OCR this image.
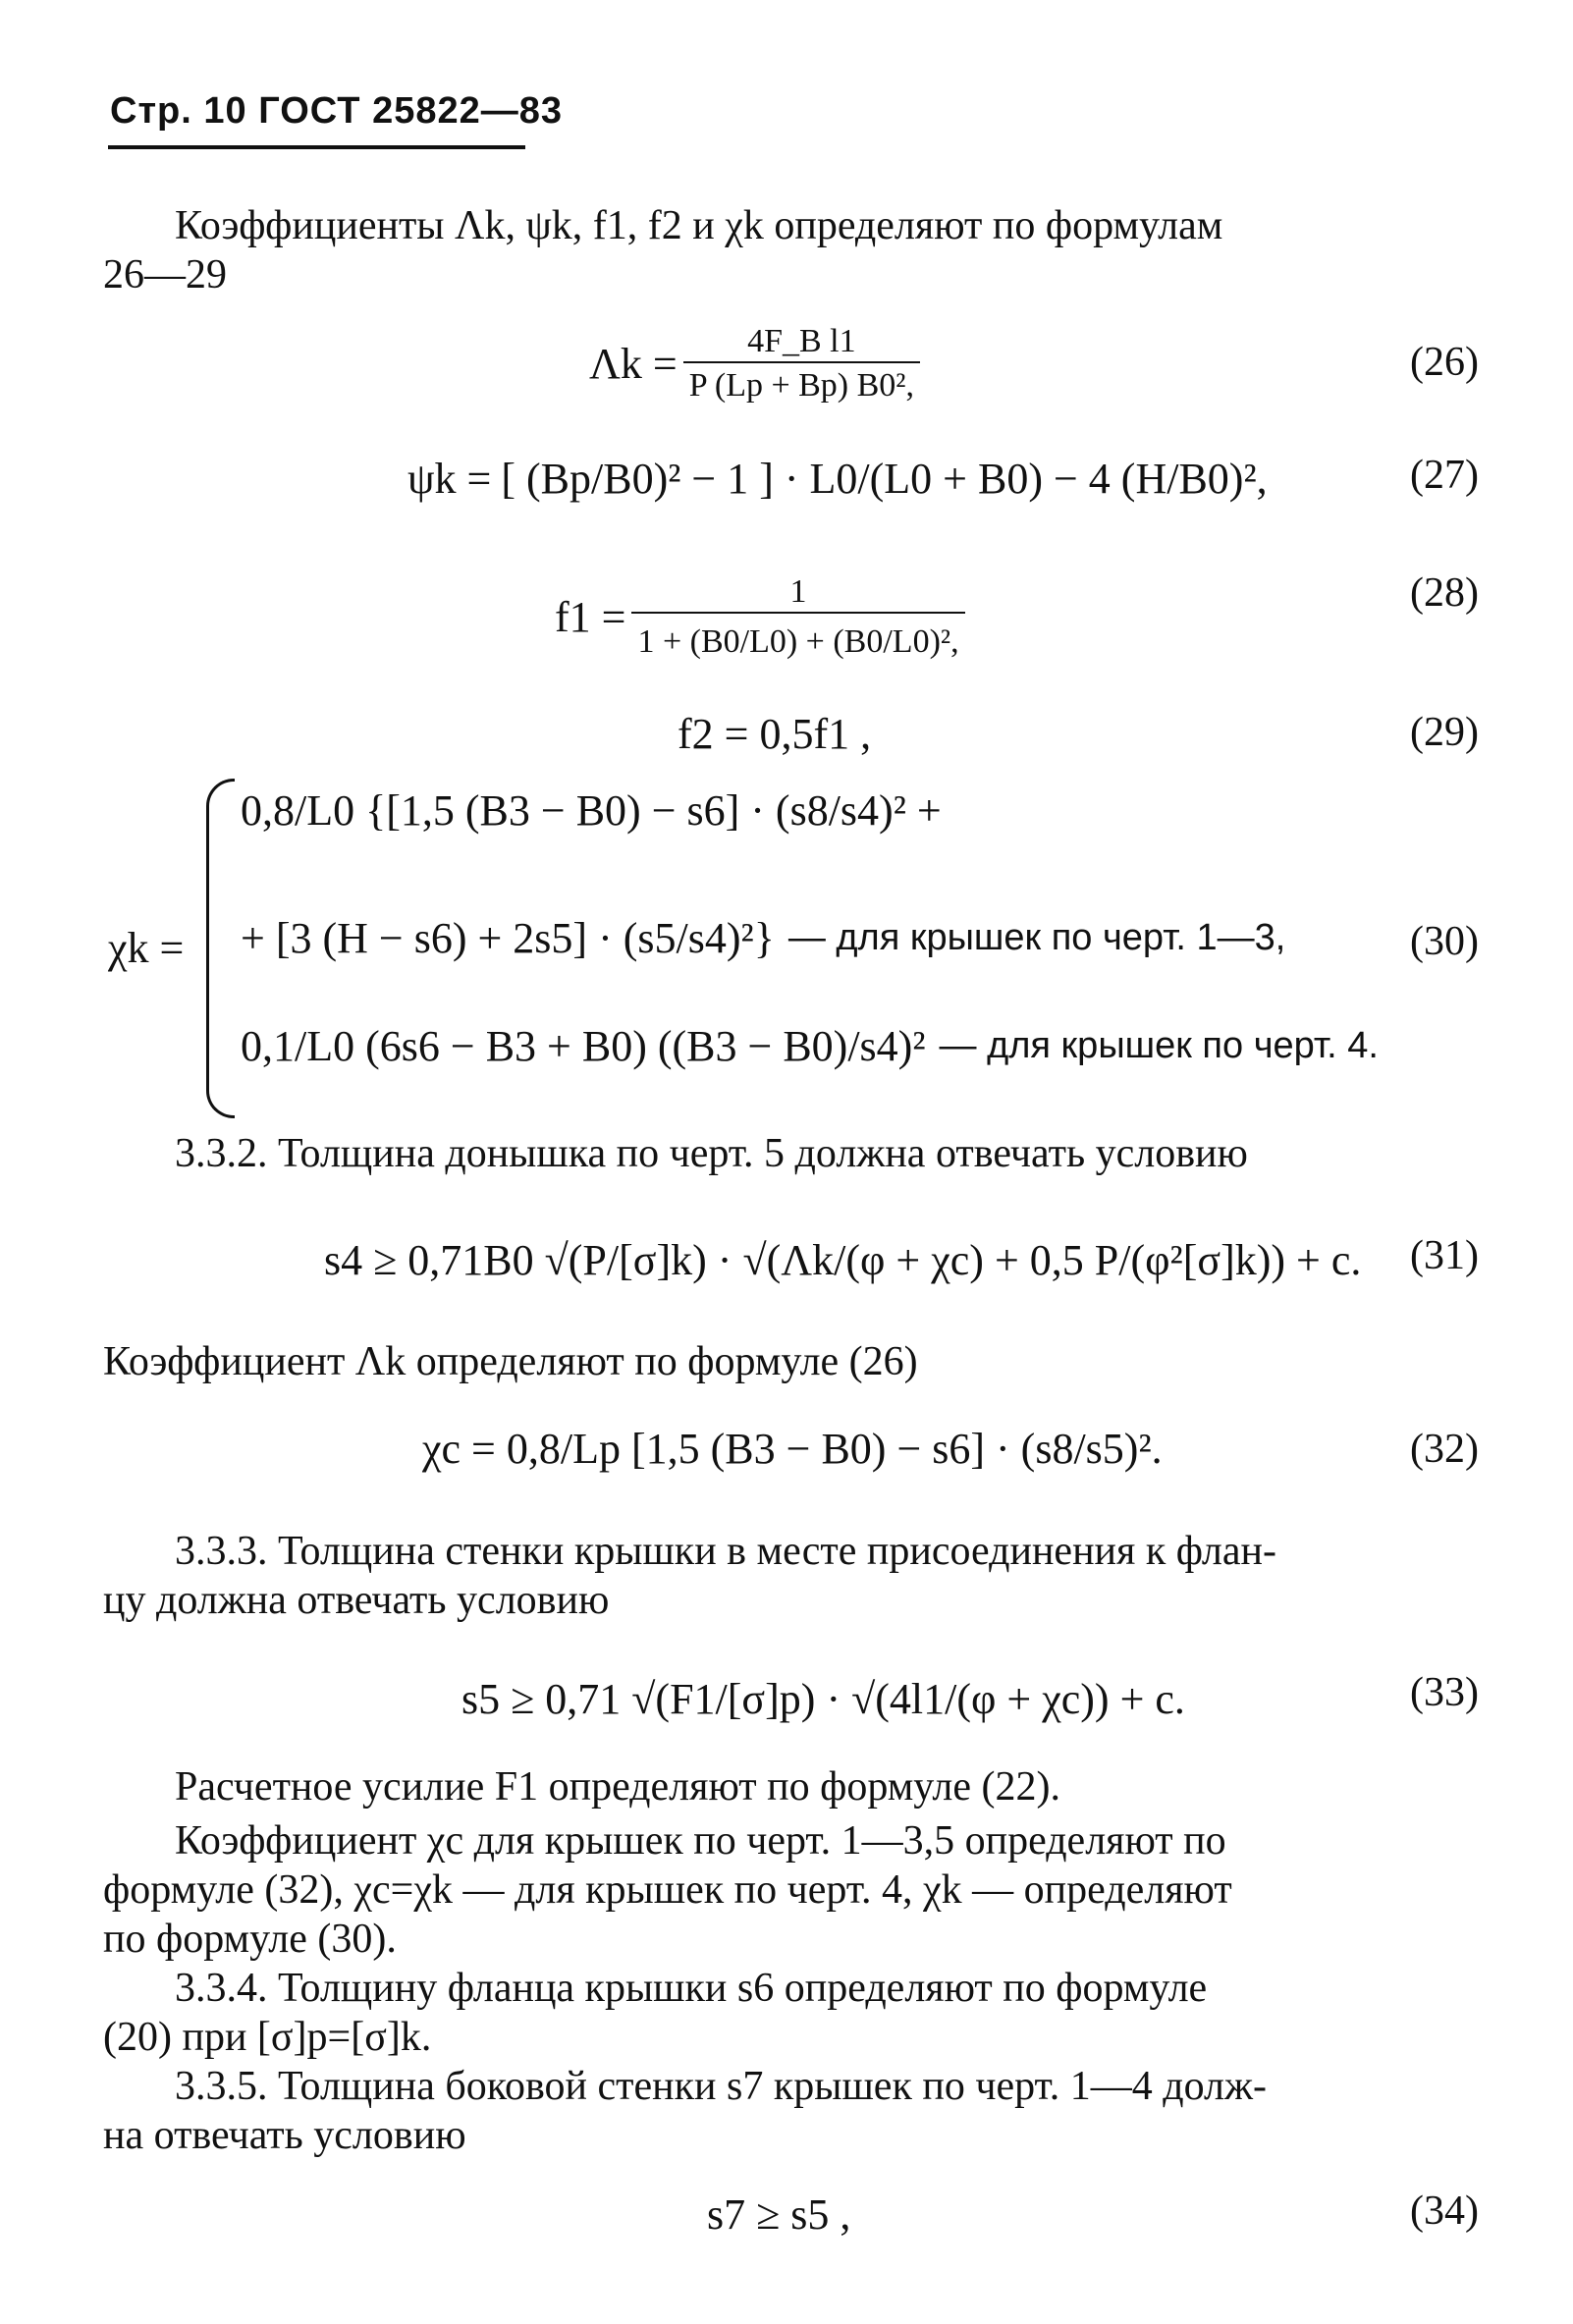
Стр. 10 ГОСТ 25822—83
Коэффициенты Λk, ψk, f1, f2 и χk определяют по формулам
26—29
$\Lambda k = \frac{\text{4F\_B l1}}{\text{P (Lp + Bp) B0²,}}$	(26)
ψk = [ (Bp/B0)² − 1 ] · L0/(L0 + B0) − 4 (H/B0)²,	(27)
$f1 = \frac{1}{\text{1 + (B0/L0) + (B0/L0)²,}}$	(28)
f2 = 0,5f1 ,	(29)
χk =
0,8/L0 {[1,5 (B3 − B0) − s6] · (s8/s4)² +
+ [3 (H − s6) + 2s5] · (s5/s4)²} — для крышек по черт. 1—3,
0,1/L0 (6s6 − B3 + B0) ((B3 − B0)/s4)² — для крышек по черт. 4.
(30)
3.3.2. Толщина донышка по черт. 5 должна отвечать условию
s4 ≥ 0,71B0 √(P/[σ]k) · √(Λk/(φ + χc) + 0,5 P/(φ²[σ]k)) + c. (31)
Коэффициент Λk определяют по формуле (26)
χc = 0,8/Lp [1,5 (B3 − B0) − s6] · (s8/s5)².	(32)
3.3.3. Толщина стенки крышки в месте присоединения к флан-
цу должна отвечать условию
s5 ≥ 0,71 √(F1/[σ]p) · √(4l1/(φ + χc)) + c.	(33)
Расчетное усилие F1 определяют по формуле (22).
Коэффициент χc для крышек по черт. 1—3,5 определяют по
формуле (32), χc=χk — для крышек по черт. 4, χk — определяют
по формуле (30).
3.3.4. Толщину фланца крышки s6 определяют по формуле
(20) при [σ]p=[σ]k.
3.3.5. Толщина боковой стенки s7 крышек по черт. 1—4 долж-
на отвечать условию
s7 ≥ s5 ,	(34)
